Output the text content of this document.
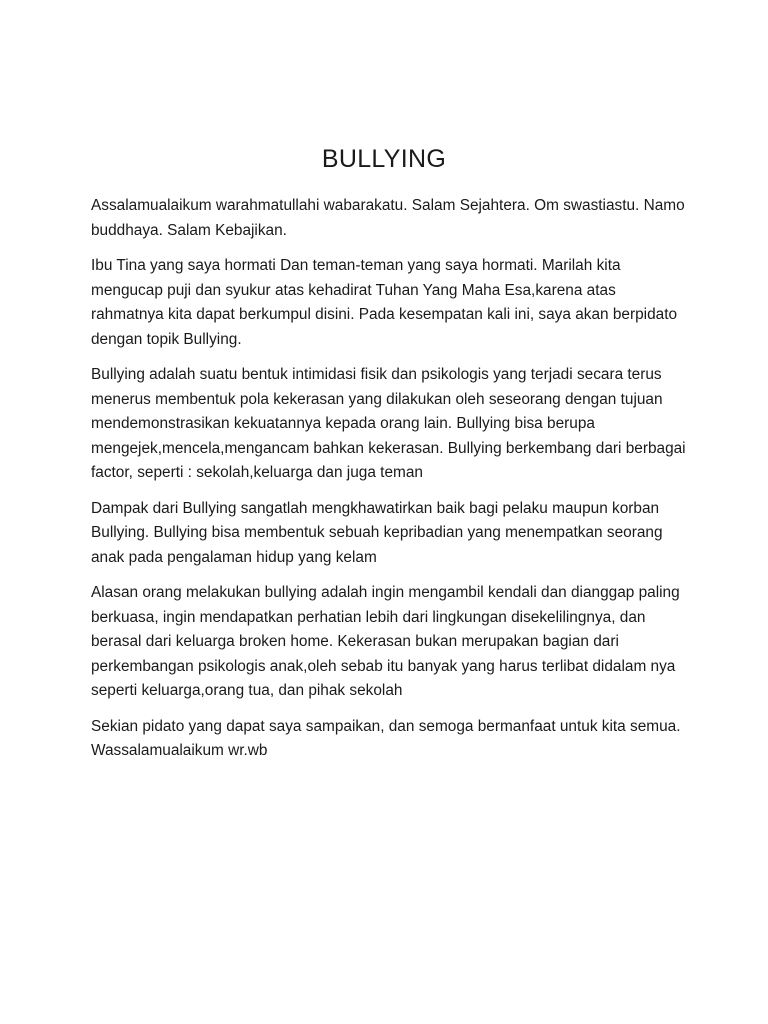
BULLYING

Assalamualaikum warahmatullahi wabarakatu. Salam Sejahtera. Om swastiastu. Namo buddhaya. Salam Kebajikan.

Ibu Tina yang saya hormati Dan teman-teman yang saya hormati. Marilah kita mengucap puji dan syukur atas kehadirat Tuhan Yang Maha Esa,karena atas rahmatnya kita dapat berkumpul disini. Pada kesempatan kali ini, saya akan berpidato dengan topik Bullying.

Bullying adalah suatu bentuk intimidasi fisik dan psikologis yang terjadi secara terus menerus membentuk pola kekerasan yang dilakukan oleh seseorang dengan tujuan mendemonstrasikan kekuatannya kepada orang lain. Bullying bisa berupa mengejek,mencela,mengancam bahkan kekerasan. Bullying berkembang dari berbagai factor, seperti : sekolah,keluarga dan juga teman

Dampak dari Bullying sangatlah mengkhawatirkan baik bagi pelaku maupun korban Bullying. Bullying bisa membentuk sebuah kepribadian yang menempatkan seorang anak pada pengalaman hidup yang kelam

Alasan orang melakukan bullying adalah ingin mengambil kendali dan dianggap paling berkuasa, ingin mendapatkan perhatian lebih dari lingkungan disekelilingnya, dan berasal dari keluarga broken home. Kekerasan bukan merupakan bagian dari perkembangan psikologis anak,oleh sebab itu banyak yang harus terlibat didalam nya seperti keluarga,orang tua, dan pihak sekolah

Sekian pidato yang dapat saya sampaikan, dan semoga bermanfaat untuk kita semua. Wassalamualaikum wr.wb
